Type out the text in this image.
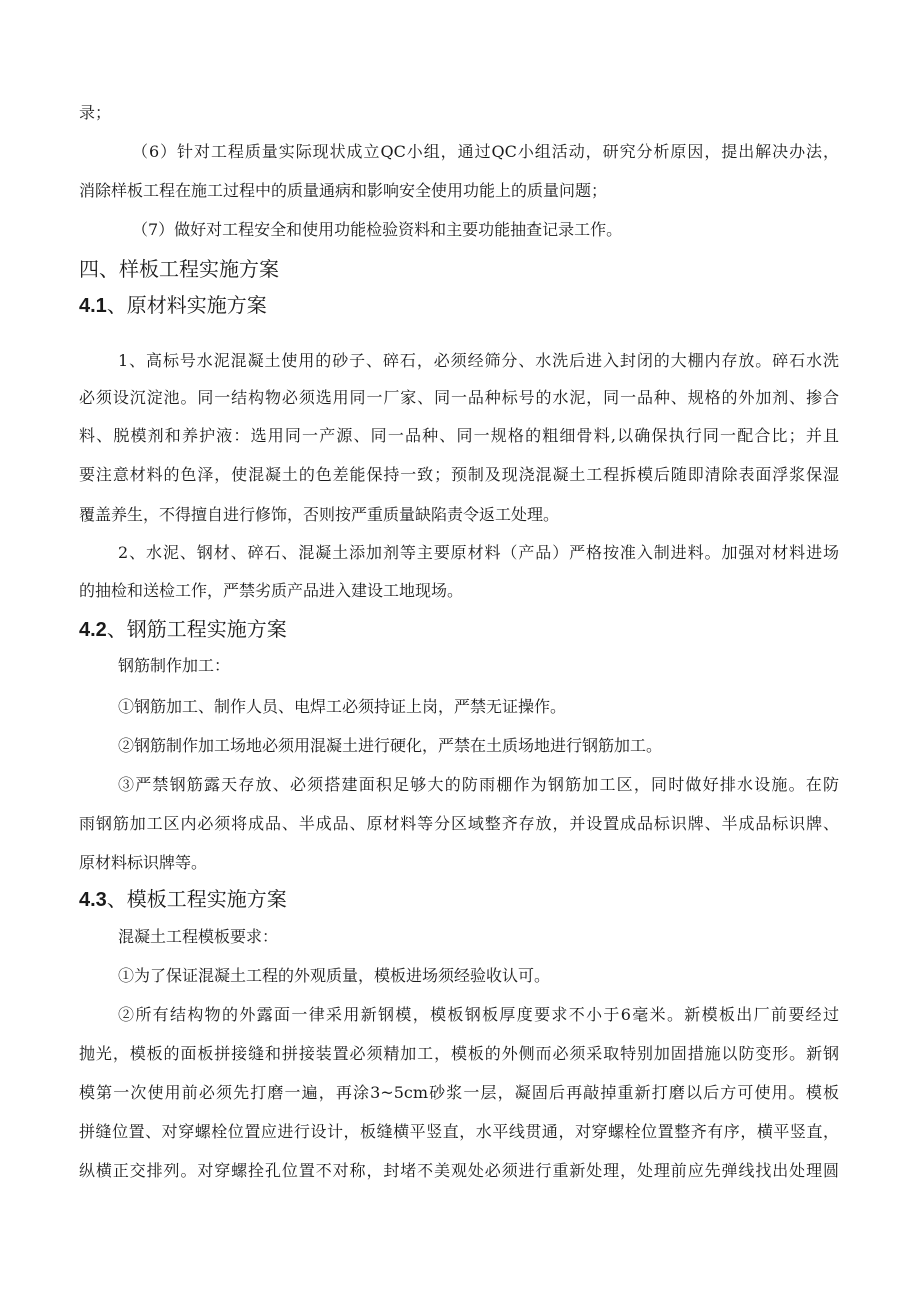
录；
（6）针对工程质量实际现状成立QC小组，通过QC小组活动，研究分析原因，提出解决办法，
消除样板工程在施工过程中的质量通病和影响安全使用功能上的质量问题；
（7）做好对工程安全和使用功能检验资料和主要功能抽查记录工作。
四、样板工程实施方案
4.1、原材料实施方案
1、高标号水泥混凝土使用的砂子、碎石，必须经筛分、水洗后进入封闭的大棚内存放。碎石水洗
必须设沉淀池。同一结构物必须选用同一厂家、同一品种标号的水泥，同一品种、规格的外加剂、掺合
料、脱模剂和养护液：选用同一产源、同一品种、同一规格的粗细骨料,以确保执行同一配合比；并且
要注意材料的色泽，使混凝土的色差能保持一致；预制及现浇混凝土工程拆模后随即清除表面浮浆保湿
覆盖养生，不得擅自进行修饰，否则按严重质量缺陷责令返工处理。
2、水泥、钢材、碎石、混凝土添加剂等主要原材料（产品）严格按准入制进料。加强对材料进场
的抽检和送检工作，严禁劣质产品进入建设工地现场。
4.2、钢筋工程实施方案
钢筋制作加工：
①钢筋加工、制作人员、电焊工必须持证上岗，严禁无证操作。
②钢筋制作加工场地必须用混凝土进行硬化，严禁在土质场地进行钢筋加工。
③严禁钢筋露天存放、必须搭建面积足够大的防雨棚作为钢筋加工区，同时做好排水设施。在防
雨钢筋加工区内必须将成品、半成品、原材料等分区域整齐存放，并设置成品标识牌、半成品标识牌、
原材料标识牌等。
4.3、模板工程实施方案
混凝土工程模板要求：
①为了保证混凝土工程的外观质量，模板进场须经验收认可。
②所有结构物的外露面一律采用新钢模，模板钢板厚度要求不小于6毫米。新模板出厂前要经过
抛光，模板的面板拼接缝和拼接装置必须精加工，模板的外侧而必须采取特别加固措施以防变形。新钢
模第一次使用前必须先打磨一遍，再涂3~5cm砂浆一层，凝固后再敲掉重新打磨以后方可使用。模板
拼缝位置、对穿螺栓位置应进行设计，板缝横平竖直，水平线贯通，对穿螺栓位置整齐有序，横平竖直，
纵横正交排列。对穿螺拴孔位置不对称，封堵不美观处必须进行重新处理，处理前应先弹线找出处理圆
